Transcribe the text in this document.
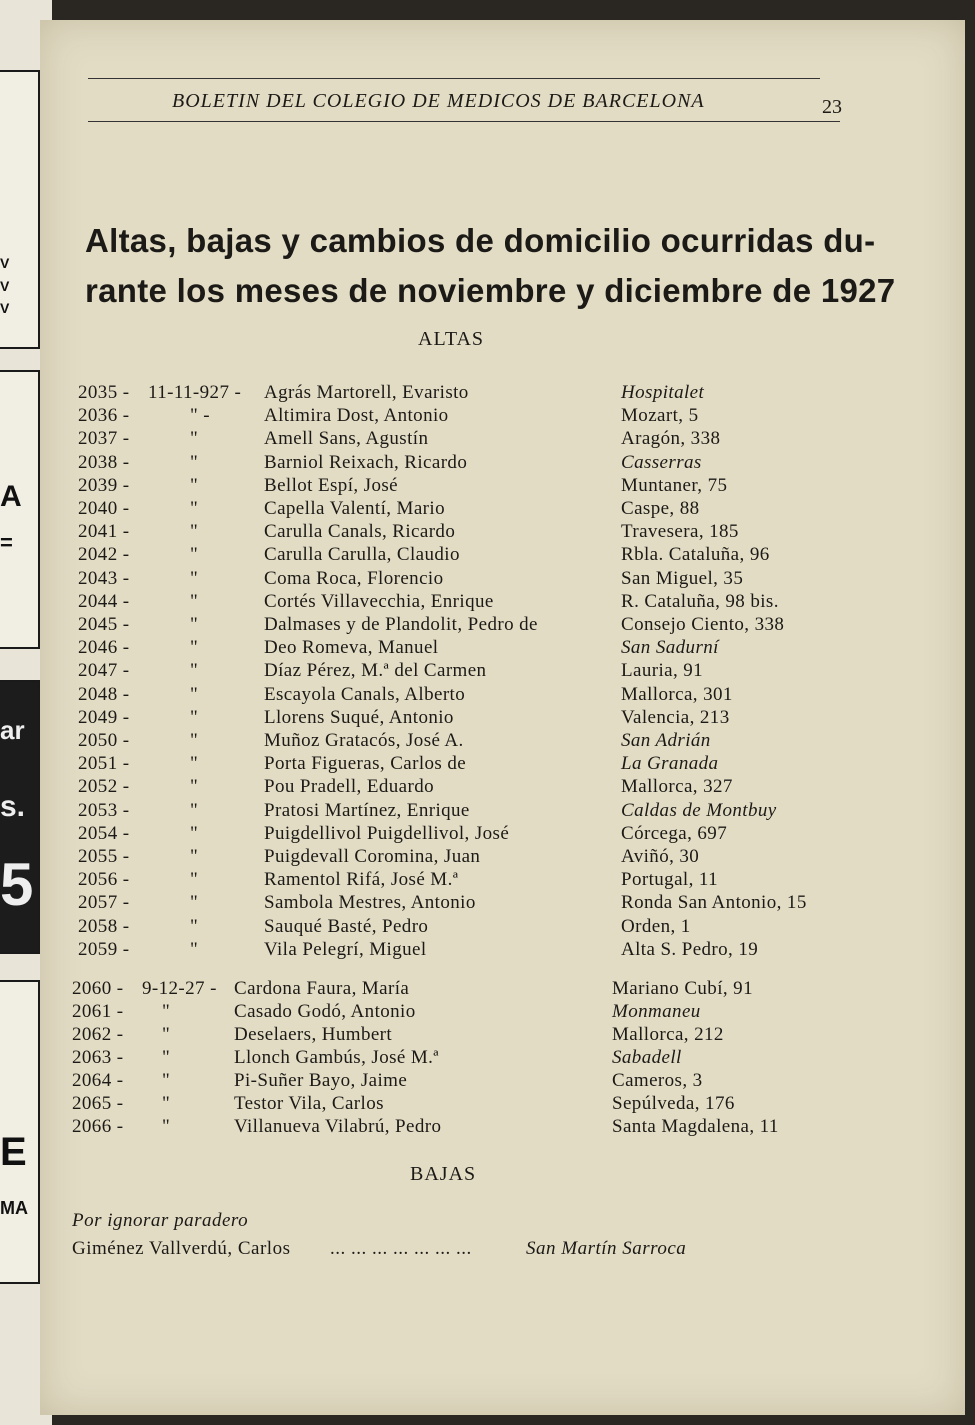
V
V
V
A
=
ar
s.
5
E
MA
BOLETIN DEL COLEGIO DE MEDICOS DE BARCELONA	23
Altas, bajas y cambios de domicilio ocurridas du-
rante los meses de noviembre y diciembre de 1927
ALTAS
2035 - 11-11-927 - Agrás Martorell, Evaristo	Hospitalet
2036 -	" -	Altimira Dost, Antonio	Mozart, 5
2037 -	"	Amell Sans, Agustín	Aragón, 338
2038 -	"	Barniol Reixach, Ricardo	Casserras
2039 -	"	Bellot Espí, José	Muntaner, 75
2040 -	"	Capella Valentí, Mario	Caspe, 88
2041 -	"	Carulla Canals, Ricardo	Travesera, 185
2042 -	"	Carulla Carulla, Claudio	Rbla. Cataluña, 96
2043 -	"	Coma Roca, Florencio	San Miguel, 35
2044 -	"	Cortés Villavecchia, Enrique	R. Cataluña, 98 bis.
2045 -	"	Dalmases y de Plandolit, Pedro de	Consejo Ciento, 338
2046 -	"	Deo Romeva, Manuel	San Sadurní
2047 -	"	Díaz Pérez, M.ª del Carmen	Lauria, 91
2048 -	"	Escayola Canals, Alberto	Mallorca, 301
2049 -	"	Llorens Suqué, Antonio	Valencia, 213
2050 -	"	Muñoz Gratacós, José A.	San Adrián
2051 -	"	Porta Figueras, Carlos de	La Granada
2052 -	"	Pou Pradell, Eduardo	Mallorca, 327
2053 -	"	Pratosi Martínez, Enrique	Caldas de Montbuy
2054 -	"	Puigdellivol Puigdellivol, José	Córcega, 697
2055 -	"	Puigdevall Coromina, Juan	Aviñó, 30
2056 -	"	Ramentol Rifá, José M.ª	Portugal, 11
2057 -	"	Sambola Mestres, Antonio	Ronda San Antonio, 15
2058 -	"	Sauqué Basté, Pedro	Orden, 1
2059 -	"	Vila Pelegrí, Miguel	Alta S. Pedro, 19
2060 - 9-12-27 - Cardona Faura, María	Mariano Cubí, 91
2061 - "	Casado Godó, Antonio	Monmaneu
2062 - "	Deselaers, Humbert	Mallorca, 212
2063 - "	Llonch Gambús, José M.ª	Sabadell
2064 - "	Pi-Suñer Bayo, Jaime	Cameros, 3
2065 - "	Testor Vila, Carlos	Sepúlveda, 176
2066 - "	Villanueva Vilabrú, Pedro	Santa Magdalena, 11
BAJAS
Por ignorar paradero
Giménez Vallverdú, Carlos ... ... ... ... ... ... ...	San Martín Sarroca
